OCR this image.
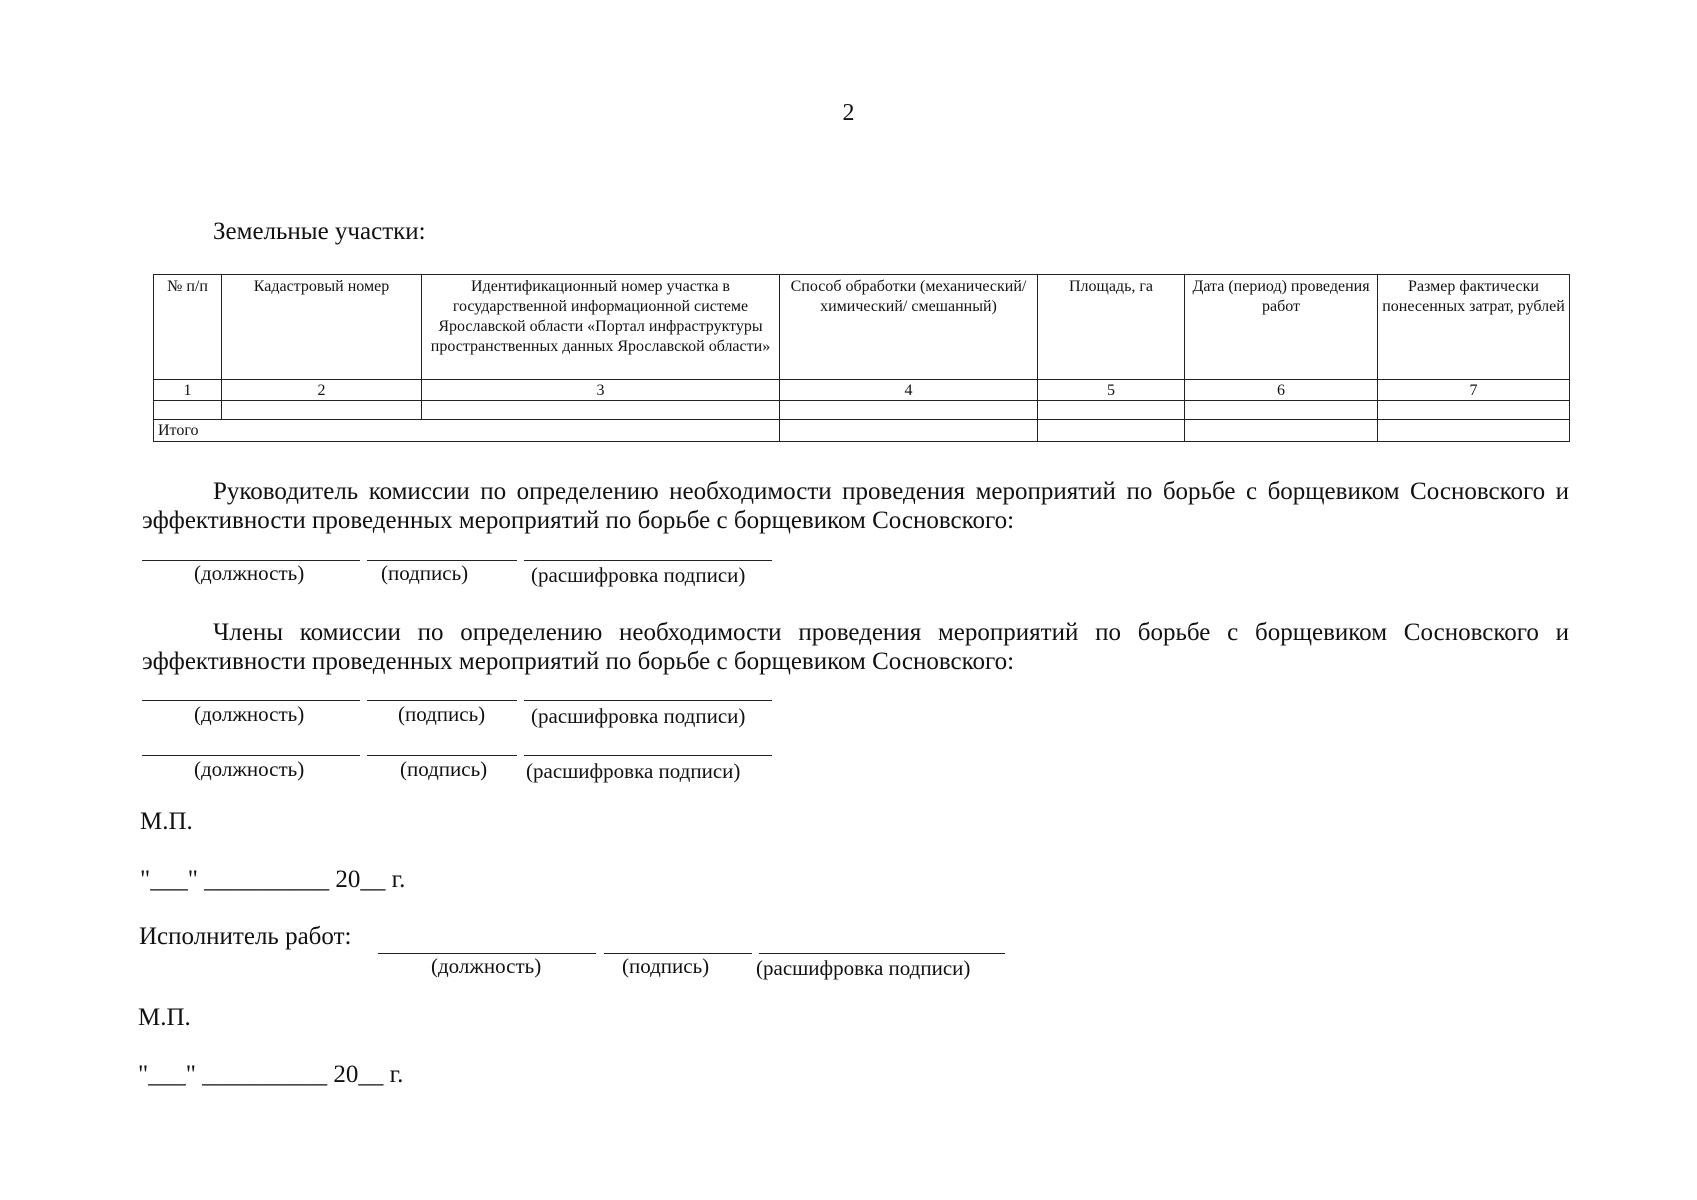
2
Земельные участки:
№ п/п	Кадастровый номер	Идентификационный номер участка в государственной информационной системе Ярославской области «Портал инфраструктуры пространственных данных Ярославской области»	Способ обработки (механический/ химический/ смешанный)	Площадь, га	Дата (период) проведения работ	Размер фактически понесенных затрат, рублей
1	2	3	4	5	6	7

Итого						
Руководитель комиссии по определению необходимости проведения мероприятий по борьбе с борщевиком Сосновского и эффективности проведенных мероприятий по борьбе с борщевиком Сосновского:
(должность)	(подпись)	(расшифровка подписи)
Члены комиссии по определению необходимости проведения мероприятий по борьбе с борщевиком Сосновского и эффективности проведенных мероприятий по борьбе с борщевиком Сосновского:
(должность)	(подпись) (расшифровка подписи)
(должность)	(подпись) (расшифровка подписи)
М.П.
"___" __________ 20__ г.
Исполнитель работ:
(должность)	(подпись) (расшифровка подписи)
М.П.
"___" __________ 20__ г.
